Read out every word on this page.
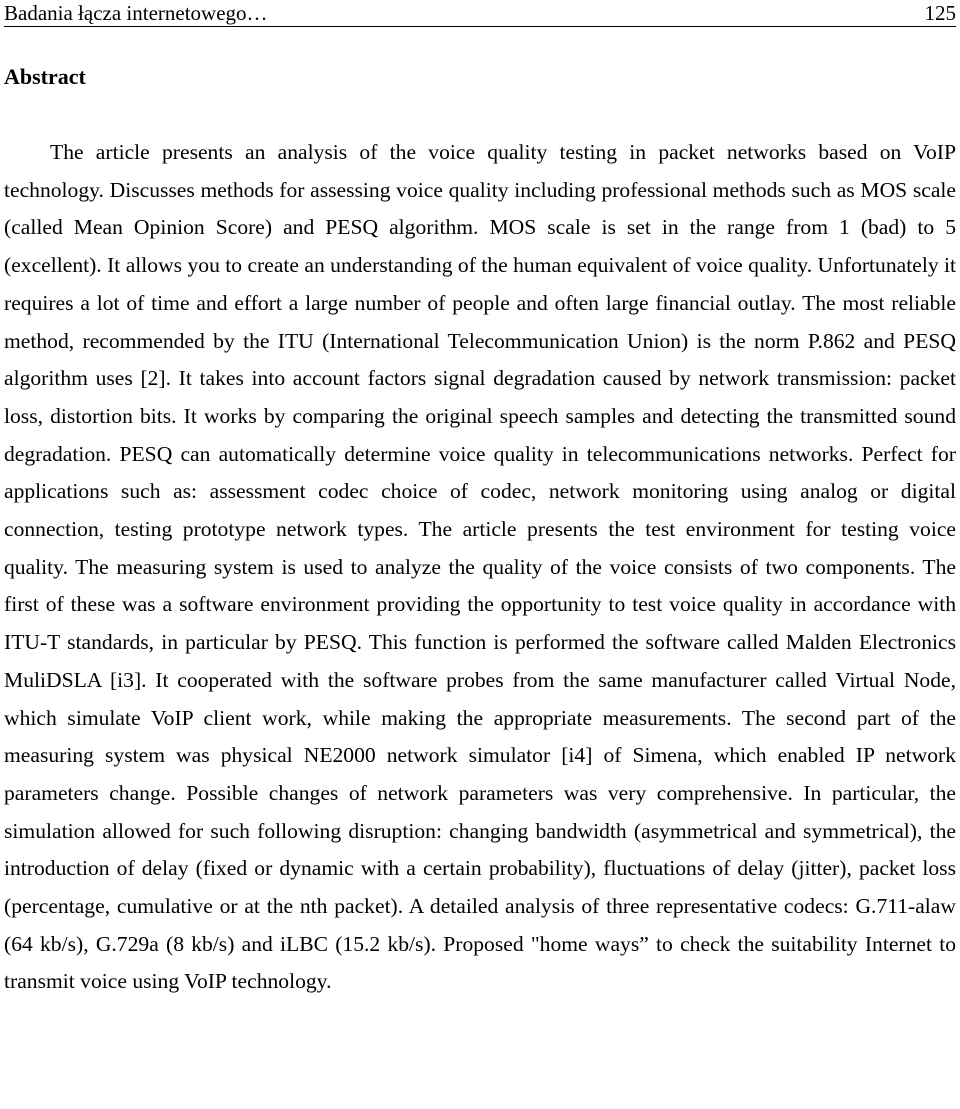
Badania łącza internetowego…	125
Abstract

The article presents an analysis of the voice quality testing in packet networks based on VoIP technology. Discusses methods for assessing voice quality including professional methods such as MOS scale (called Mean Opinion Score) and PESQ algorithm. MOS scale is set in the range from 1 (bad) to 5 (excellent). It allows you to create an understanding of the human equivalent of voice quality. Unfortunately it requires a lot of time and effort a large number of people and often large financial outlay. The most reliable method, recommended by the ITU (International Telecommunication Union) is the norm P.862 and PESQ algorithm uses [2]. It takes into account factors signal degradation caused by network transmission: packet loss, distortion bits. It works by comparing the original speech samples and detecting the transmitted sound degradation. PESQ can automatically determine voice quality in telecommunications networks. Perfect for applications such as: assessment codec choice of codec, network monitoring using analog or digital connection, testing prototype network types. The article presents the test environment for testing voice quality. The measuring system is used to analyze the quality of the voice consists of two components. The first of these was a software environment providing the opportunity to test voice quality in accordance with ITU-T standards, in particular by PESQ. This function is performed the software called Malden Electronics MuliDSLA [i3]. It cooperated with the software probes from the same manufacturer called Virtual Node, which simulate VoIP client work, while making the appropriate measurements. The second part of the measuring system was physical NE2000 network simulator [i4] of Simena, which enabled IP network parameters change. Possible changes of network parameters was very comprehensive. In particular, the simulation allowed for such following disruption: changing bandwidth (asymmetrical and symmetrical), the introduction of delay (fixed or dynamic with a certain probability), fluctuations of delay (jitter), packet loss (percentage, cumulative or at the nth packet). A detailed analysis of three representative codecs: G.711-alaw (64 kb/s), G.729a (8 kb/s) and iLBC (15.2 kb/s). Proposed "home ways” to check the suitability Internet to transmit voice using VoIP technology.
